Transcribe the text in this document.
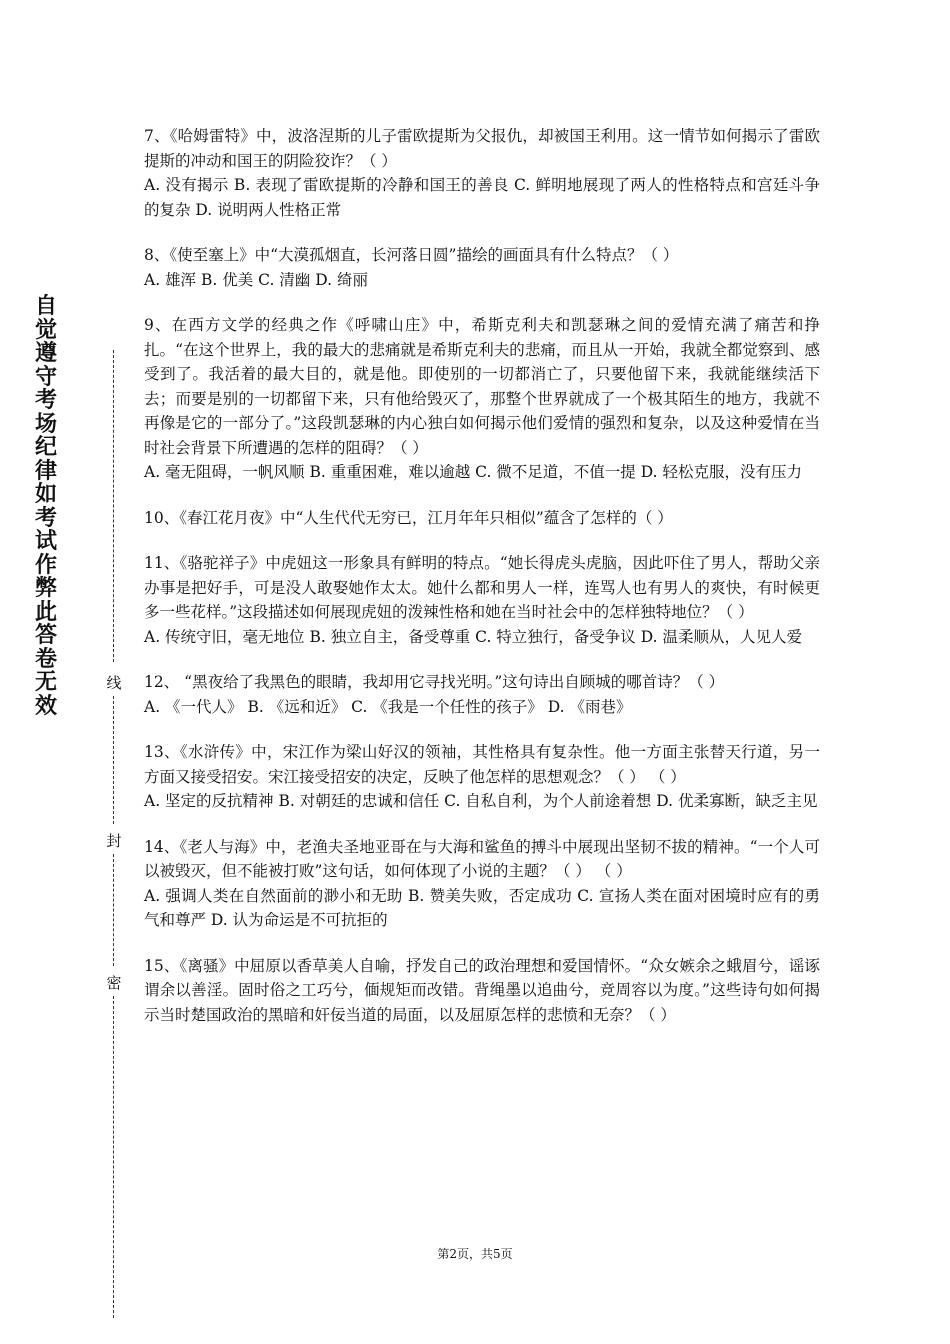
自觉遵守考场纪律如考试作弊此答卷无效
线
封
密

7、《哈姆雷特》中，波洛涅斯的儿子雷欧提斯为父报仇，却被国王利用。这一情节如何揭示了雷欧提斯的冲动和国王的阴险狡诈？（ ）

A. 没有揭示 B. 表现了雷欧提斯的冷静和国王的善良 C. 鲜明地展现了两人的性格特点和宫廷斗争的复杂 D. 说明两人性格正常

8、《使至塞上》中“大漠孤烟直，长河落日圆”描绘的画面具有什么特点？（ ）

A. 雄浑 B. 优美 C. 清幽 D. 绮丽

9、在西方文学的经典之作《呼啸山庄》中，希斯克利夫和凯瑟琳之间的爱情充满了痛苦和挣扎。“在这个世界上，我的最大的悲痛就是希斯克利夫的悲痛，而且从一开始，我就全都觉察到、感受到了。我活着的最大目的，就是他。即使别的一切都消亡了，只要他留下来，我就能继续活下去；而要是别的一切都留下来，只有他给毁灭了，那整个世界就成了一个极其陌生的地方，我就不再像是它的一部分了。”这段凯瑟琳的内心独白如何揭示他们爱情的强烈和复杂，以及这种爱情在当时社会背景下所遭遇的怎样的阻碍？（ ）

A. 毫无阻碍，一帆风顺 B. 重重困难，难以逾越 C. 微不足道，不值一提 D. 轻松克服，没有压力

10、《春江花月夜》中“人生代代无穷已，江月年年只相似”蕴含了怎样的（ ）

11、《骆驼祥子》中虎妞这一形象具有鲜明的特点。“她长得虎头虎脑，因此吓住了男人，帮助父亲办事是把好手，可是没人敢娶她作太太。她什么都和男人一样，连骂人也有男人的爽快，有时候更多一些花样。”这段描述如何展现虎妞的泼辣性格和她在当时社会中的怎样独特地位？（ ）

A. 传统守旧，毫无地位 B. 独立自主，备受尊重 C. 特立独行，备受争议 D. 温柔顺从，人见人爱

12、 “黑夜给了我黑色的眼睛，我却用它寻找光明。”这句诗出自顾城的哪首诗？（ ）

A. 《一代人》 B. 《远和近》 C. 《我是一个任性的孩子》 D. 《雨巷》

13、《水浒传》中，宋江作为梁山好汉的领袖，其性格具有复杂性。他一方面主张替天行道，另一方面又接受招安。宋江接受招安的决定，反映了他怎样的思想观念？（ ） （ ）

A. 坚定的反抗精神 B. 对朝廷的忠诚和信任 C. 自私自利，为个人前途着想 D. 优柔寡断，缺乏主见

14、《老人与海》中，老渔夫圣地亚哥在与大海和鲨鱼的搏斗中展现出坚韧不拔的精神。“一个人可以被毁灭，但不能被打败”这句话，如何体现了小说的主题？（ ） （ ）

A. 强调人类在自然面前的渺小和无助 B. 赞美失败，否定成功 C. 宣扬人类在面对困境时应有的勇气和尊严 D. 认为命运是不可抗拒的

15、《离骚》中屈原以香草美人自喻，抒发自己的政治理想和爱国情怀。“众女嫉余之蛾眉兮，谣诼谓余以善淫。固时俗之工巧兮，偭规矩而改错。背绳墨以追曲兮，竞周容以为度。”这些诗句如何揭示当时楚国政治的黑暗和奸佞当道的局面，以及屈原怎样的悲愤和无奈？（ ）

第2页，共5页
